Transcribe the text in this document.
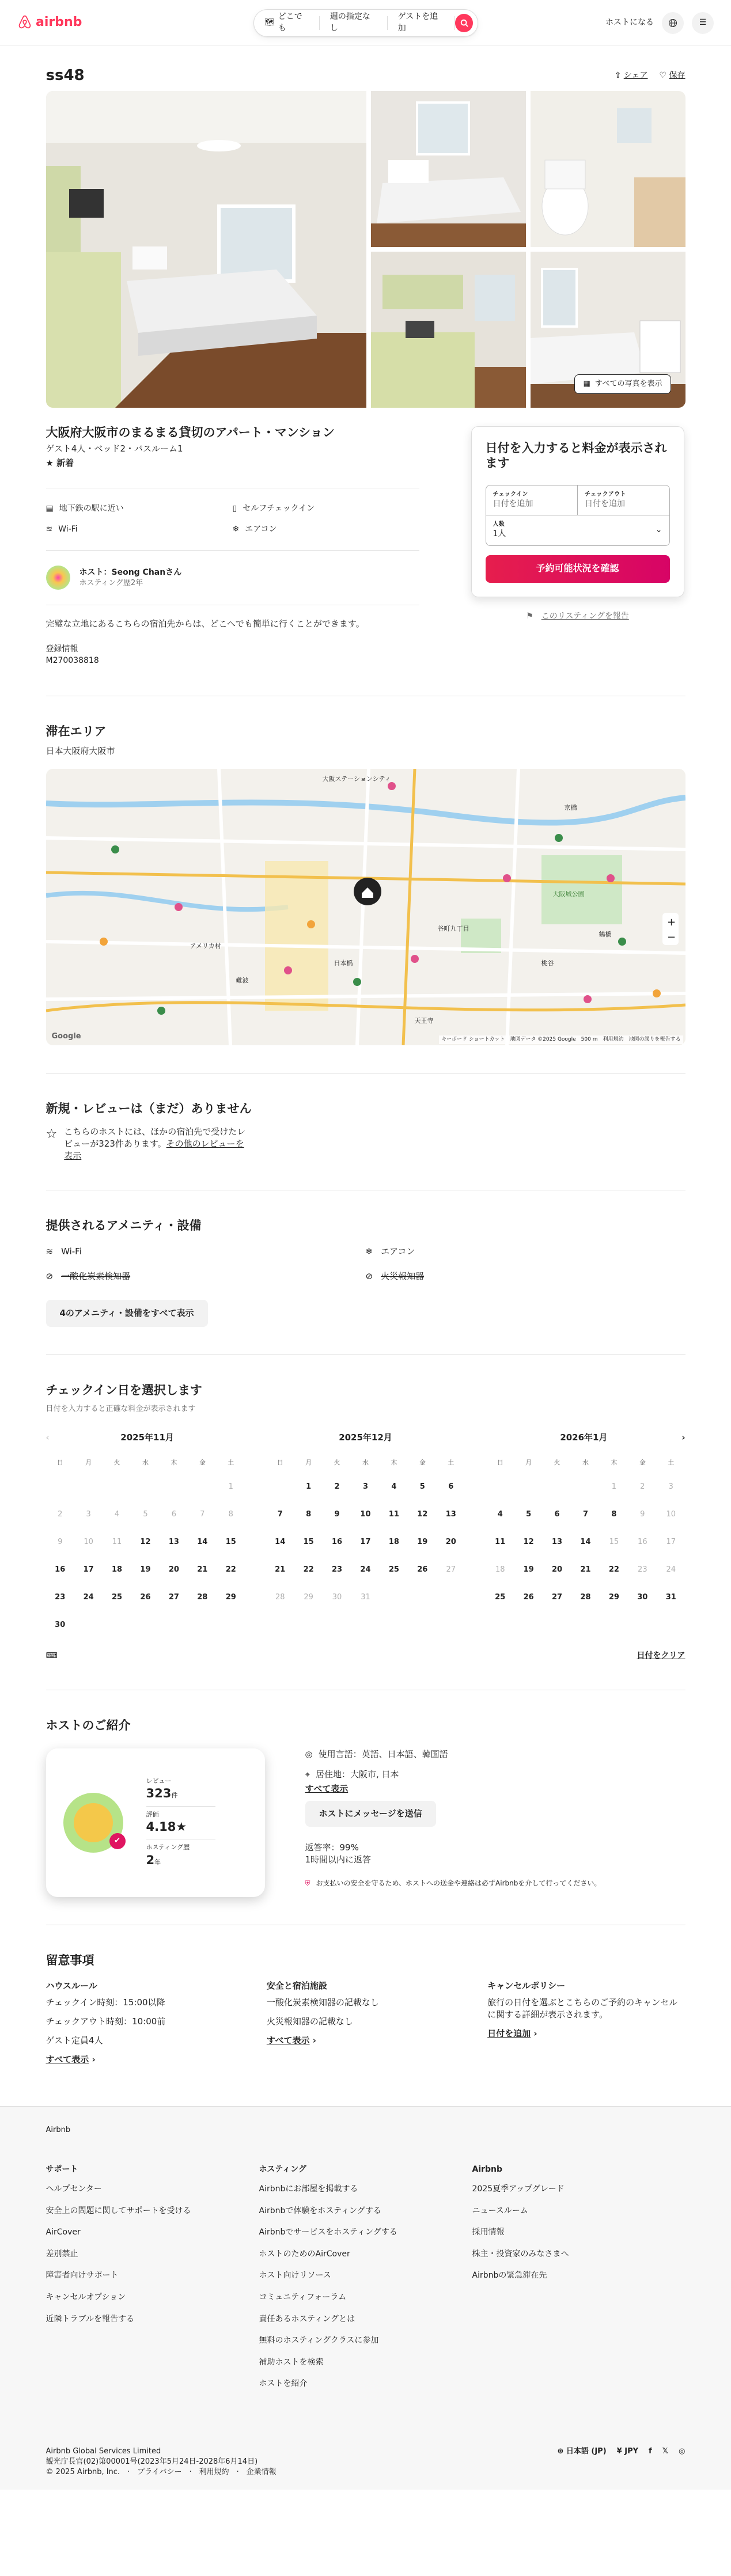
airbnb	🗺
どこでも
週の指定なし
ゲストを追加
ホストになる	☰
ss48	⇪ シェア ♡ 保存
▦ すべての写真を表示
大阪府大阪市のまるまる貸切のアパート・マンション
ゲスト4人・ベッド2・バスルーム1
★ 新着
▤ 地下鉄の駅に近い	▯ セルフチェックイン
≋ Wi-Fi	❄ エアコン
ホスト：Seong Chanさん
ホスティング歴2年
完璧な立地にあるこちらの宿泊先からは、どこへでも簡単に行くことができます。
登録情報
M270038818
日付を入力すると料金が表示されます
チェックイン
日付を追加
チェックアウト
日付を追加
人数
1人	⌄
予約可能状況を確認
⚑ このリスティングを報告
滞在エリア
日本大阪府大阪市
+
−
大阪城公園
天王寺
難波
アメリカ村
大阪ステーションシティ
桃谷
京橋
谷町九丁目
日本橋
鶴橋
Google	キーボード ショートカット　地図データ ©2025 Google　500 m　利用規約　地図の誤りを報告する
新規・レビューは（まだ）ありません
☆ こちらのホストには、ほかの宿泊先で受けたレビューが323件あります。その他のレビューを表示
提供されるアメニティ・設備
≋ Wi-Fi	❄ エアコン
⊘ 一酸化炭素検知器	⊘ 火災報知器
4のアメニティ・設備をすべて表示
チェックイン日を選択します
日付を入力すると正確な料金が表示されます
‹	2025年11月
日	月	火	水	木	金	土
						1
2	3	4	5	6	7	8
9	10	11	12	13	14	15
16	17	18	19	20	21	22
23	24	25	26	27	28	29
30						
2025年12月
日	月	火	水	木	金	土
	1	2	3	4	5	6
7	8	9	10	11	12	13
14	15	16	17	18	19	20
21	22	23	24	25	26	27
28	29	30	31			
2026年1月	›
日	月	火	水	木	金	土
				1	2	3
4	5	6	7	8	9	10
11	12	13	14	15	16	17
18	19	20	21	22	23	24
25	26	27	28	29	30	31
⌨	日付をクリア
ホストのご紹介
✔
レビュー
323件
評価
4.18★
ホスティング歴
2年
◎ 使用言語：英語、日本語、韓国語
⌖ 居住地：大阪市, 日本
すべて表示
ホストにメッセージを送信
返答率：99%
1時間以内に返答
⛨ お支払いの安全を守るため、ホストへの送金や連絡は必ずAirbnbを介して行ってください。
留意事項
ハウスルール

チェックイン時刻：15:00以降

チェックアウト時刻：10:00前

ゲスト定員4人

すべて表示 ›
安全と宿泊施設

一酸化炭素検知器の記載なし

火災報知器の記載なし

すべて表示 ›
キャンセルポリシー

旅行の日付を選ぶとこちらのご予約のキャンセルに関する詳細が表示されます。

日付を追加 ›
Airbnb
サポート

ヘルプセンター

安全上の問題に関してサポートを受ける

AirCover

差別禁止

障害者向けサポート

キャンセルオプション

近隣トラブルを報告する

ホスティング

Airbnbにお部屋を掲載する

Airbnbで体験をホスティングする

Airbnbでサービスをホスティングする

ホストのためのAirCover

ホスト向けリソース

コミュニティフォーラム

責任あるホスティングとは

無料のホスティングクラスに参加

補助ホストを検索

ホストを紹介

Airbnb

2025夏季アップグレード

ニュースルーム

採用情報

株主・投資家のみなさまへ

Airbnbの緊急滞在先

Airbnb Global Services Limited
観光庁長官(02)第00001号(2023年5月24日-2028年6月14日)
© 2025 Airbnb, Inc.　·　プライバシー　·　利用規約　·　企業情報
⊕ 日本語 (JP) ¥ JPY f 𝕏 ◎
